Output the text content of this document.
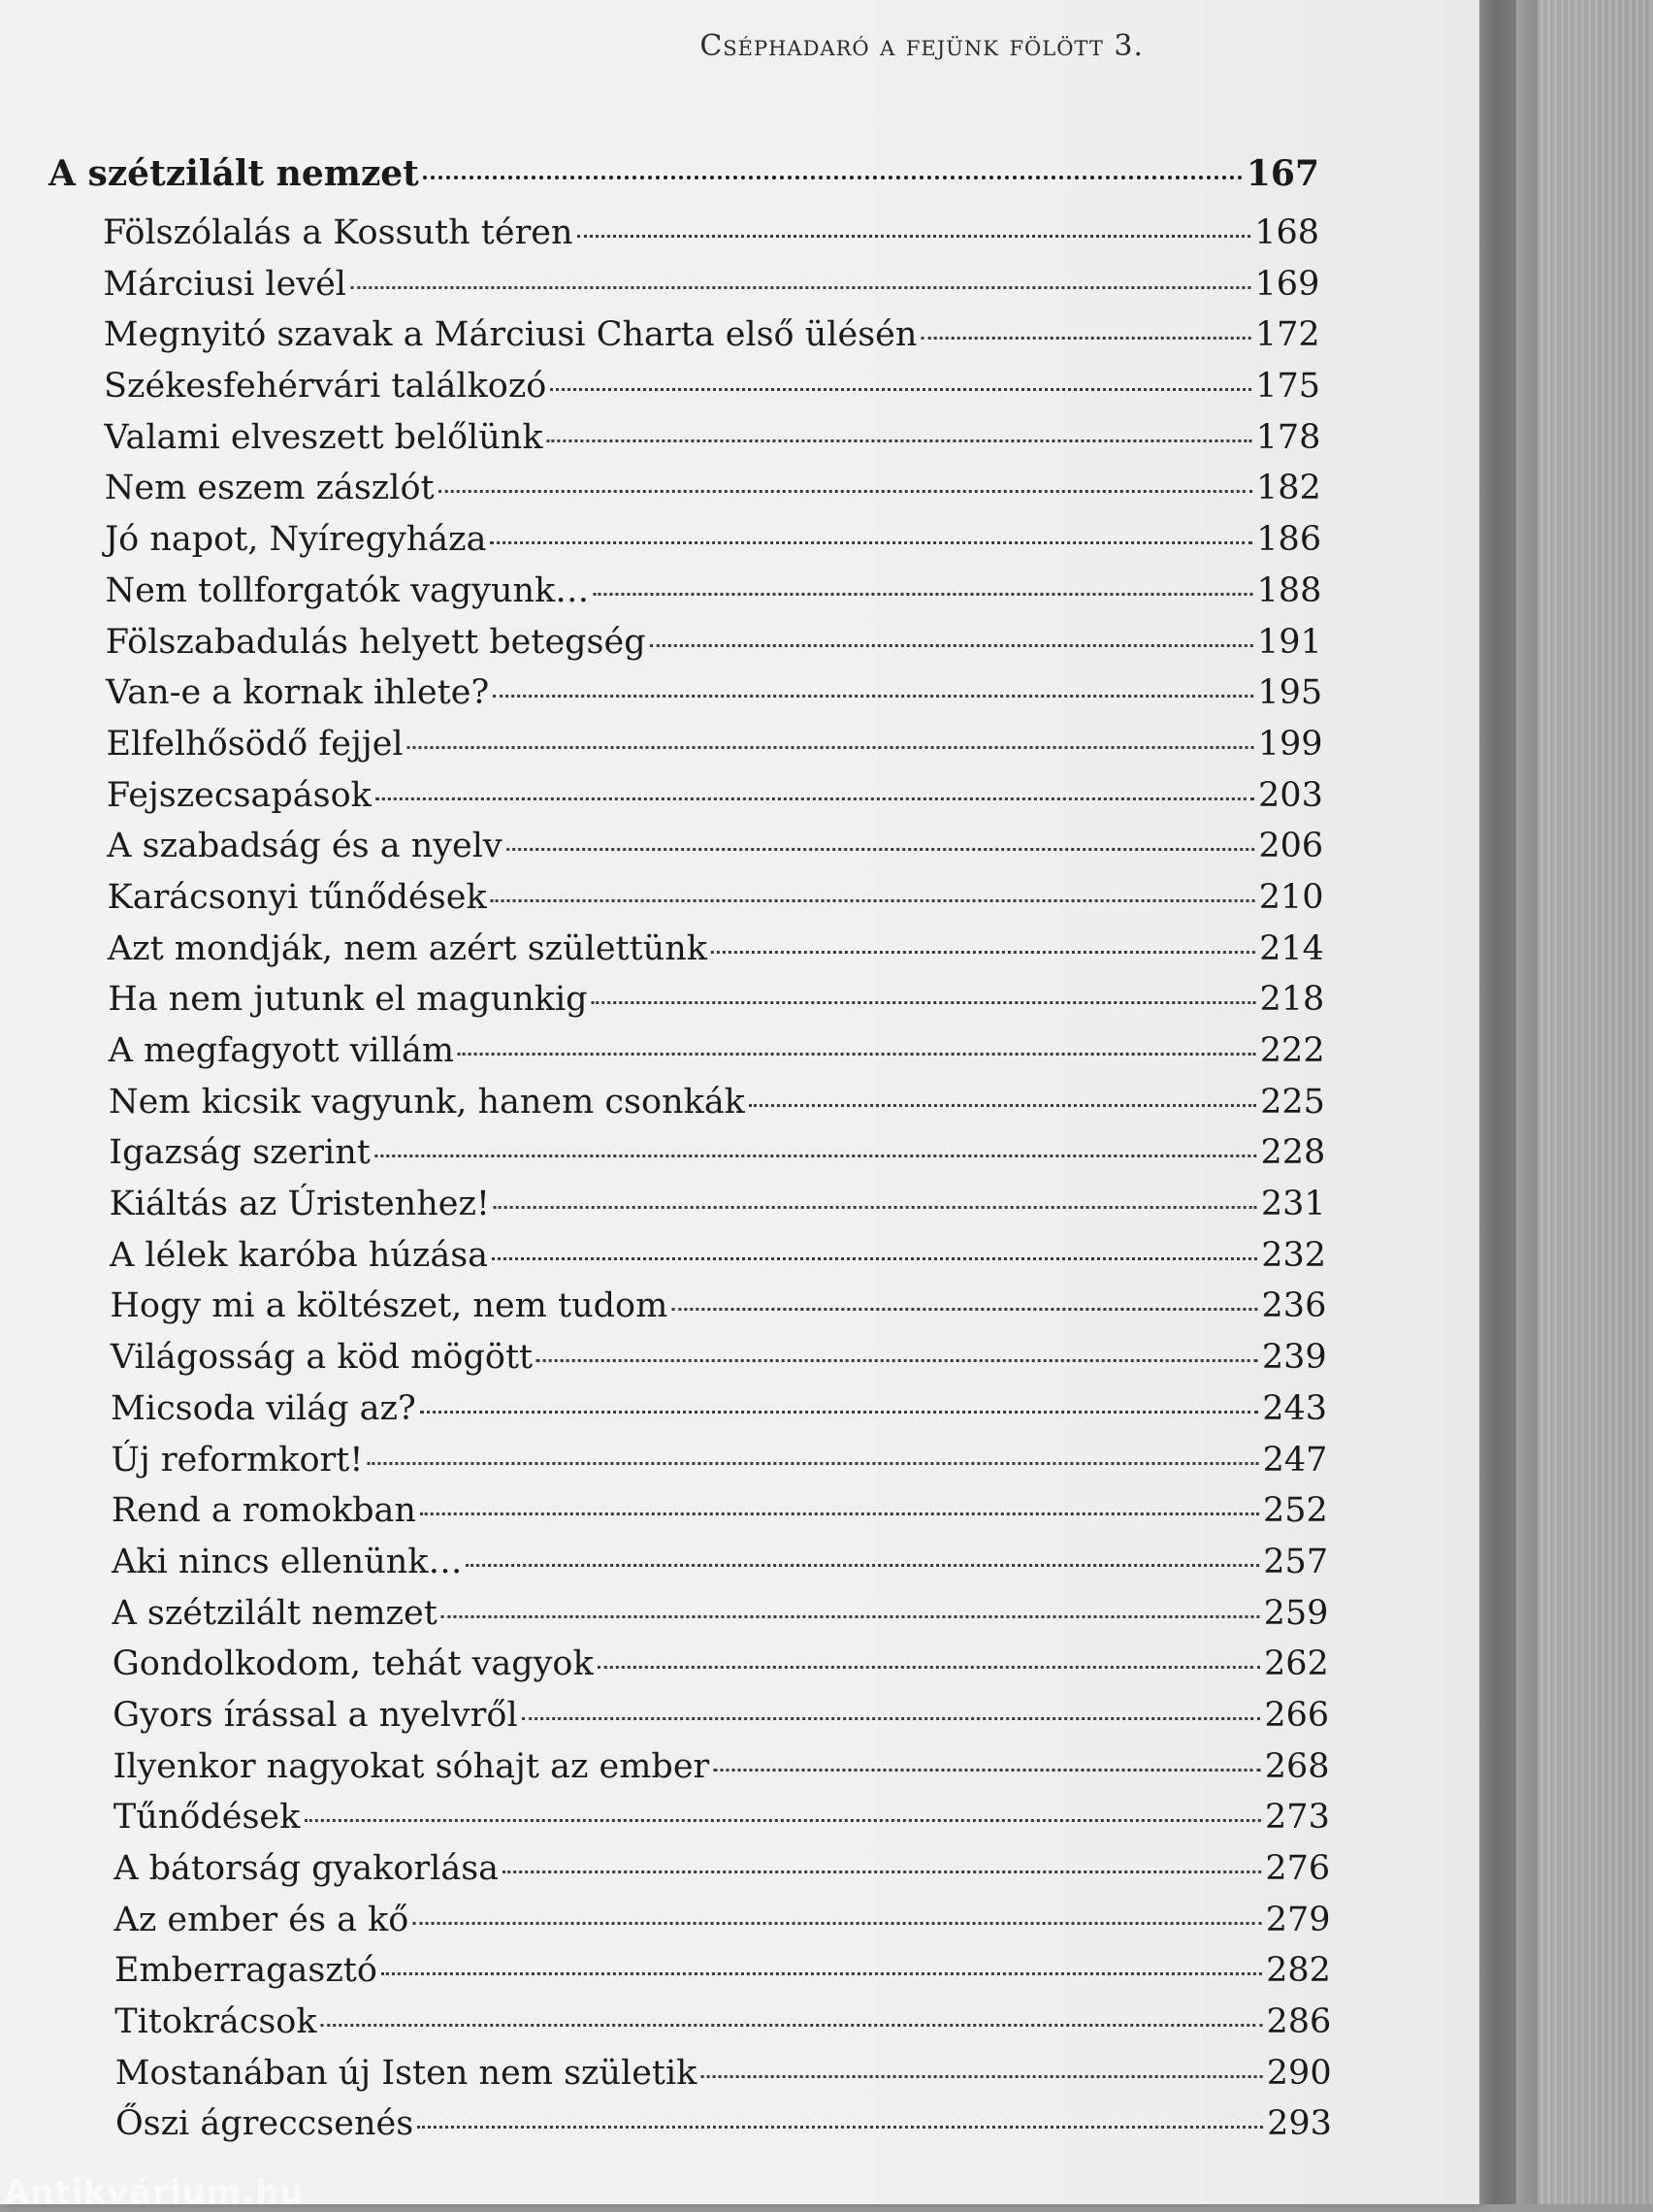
Cséphadaró a fejünk fölött 3.
A szétzilált nemzet	167
Fölszólalás a Kossuth téren	168
Márciusi levél	169
Megnyitó szavak a Márciusi Charta első ülésén	172
Székesfehérvári találkozó	175
Valami elveszett belőlünk	178
Nem eszem zászlót	182
Jó napot, Nyíregyháza	186
Nem tollforgatók vagyunk…	188
Fölszabadulás helyett betegség	191
Van-e a kornak ihlete?	195
Elfelhősödő fejjel	199
Fejszecsapások	203
A szabadság és a nyelv	206
Karácsonyi tűnődések	210
Azt mondják, nem azért születtünk	214
Ha nem jutunk el magunkig	218
A megfagyott villám	222
Nem kicsik vagyunk, hanem csonkák	225
Igazság szerint	228
Kiáltás az Úristenhez!	231
A lélek karóba húzása	232
Hogy mi a költészet, nem tudom	236
Világosság a köd mögött	239
Micsoda világ az?	243
Új reformkort!	247
Rend a romokban	252
Aki nincs ellenünk…	257
A szétzilált nemzet	259
Gondolkodom, tehát vagyok	262
Gyors írással a nyelvről	266
Ilyenkor nagyokat sóhajt az ember	268
Tűnődések	273
A bátorság gyakorlása	276
Az ember és a kő	279
Emberragasztó	282
Titokrácsok	286
Mostanában új Isten nem születik	290
Őszi ágreccsenés	293
Antikvárium.hu
